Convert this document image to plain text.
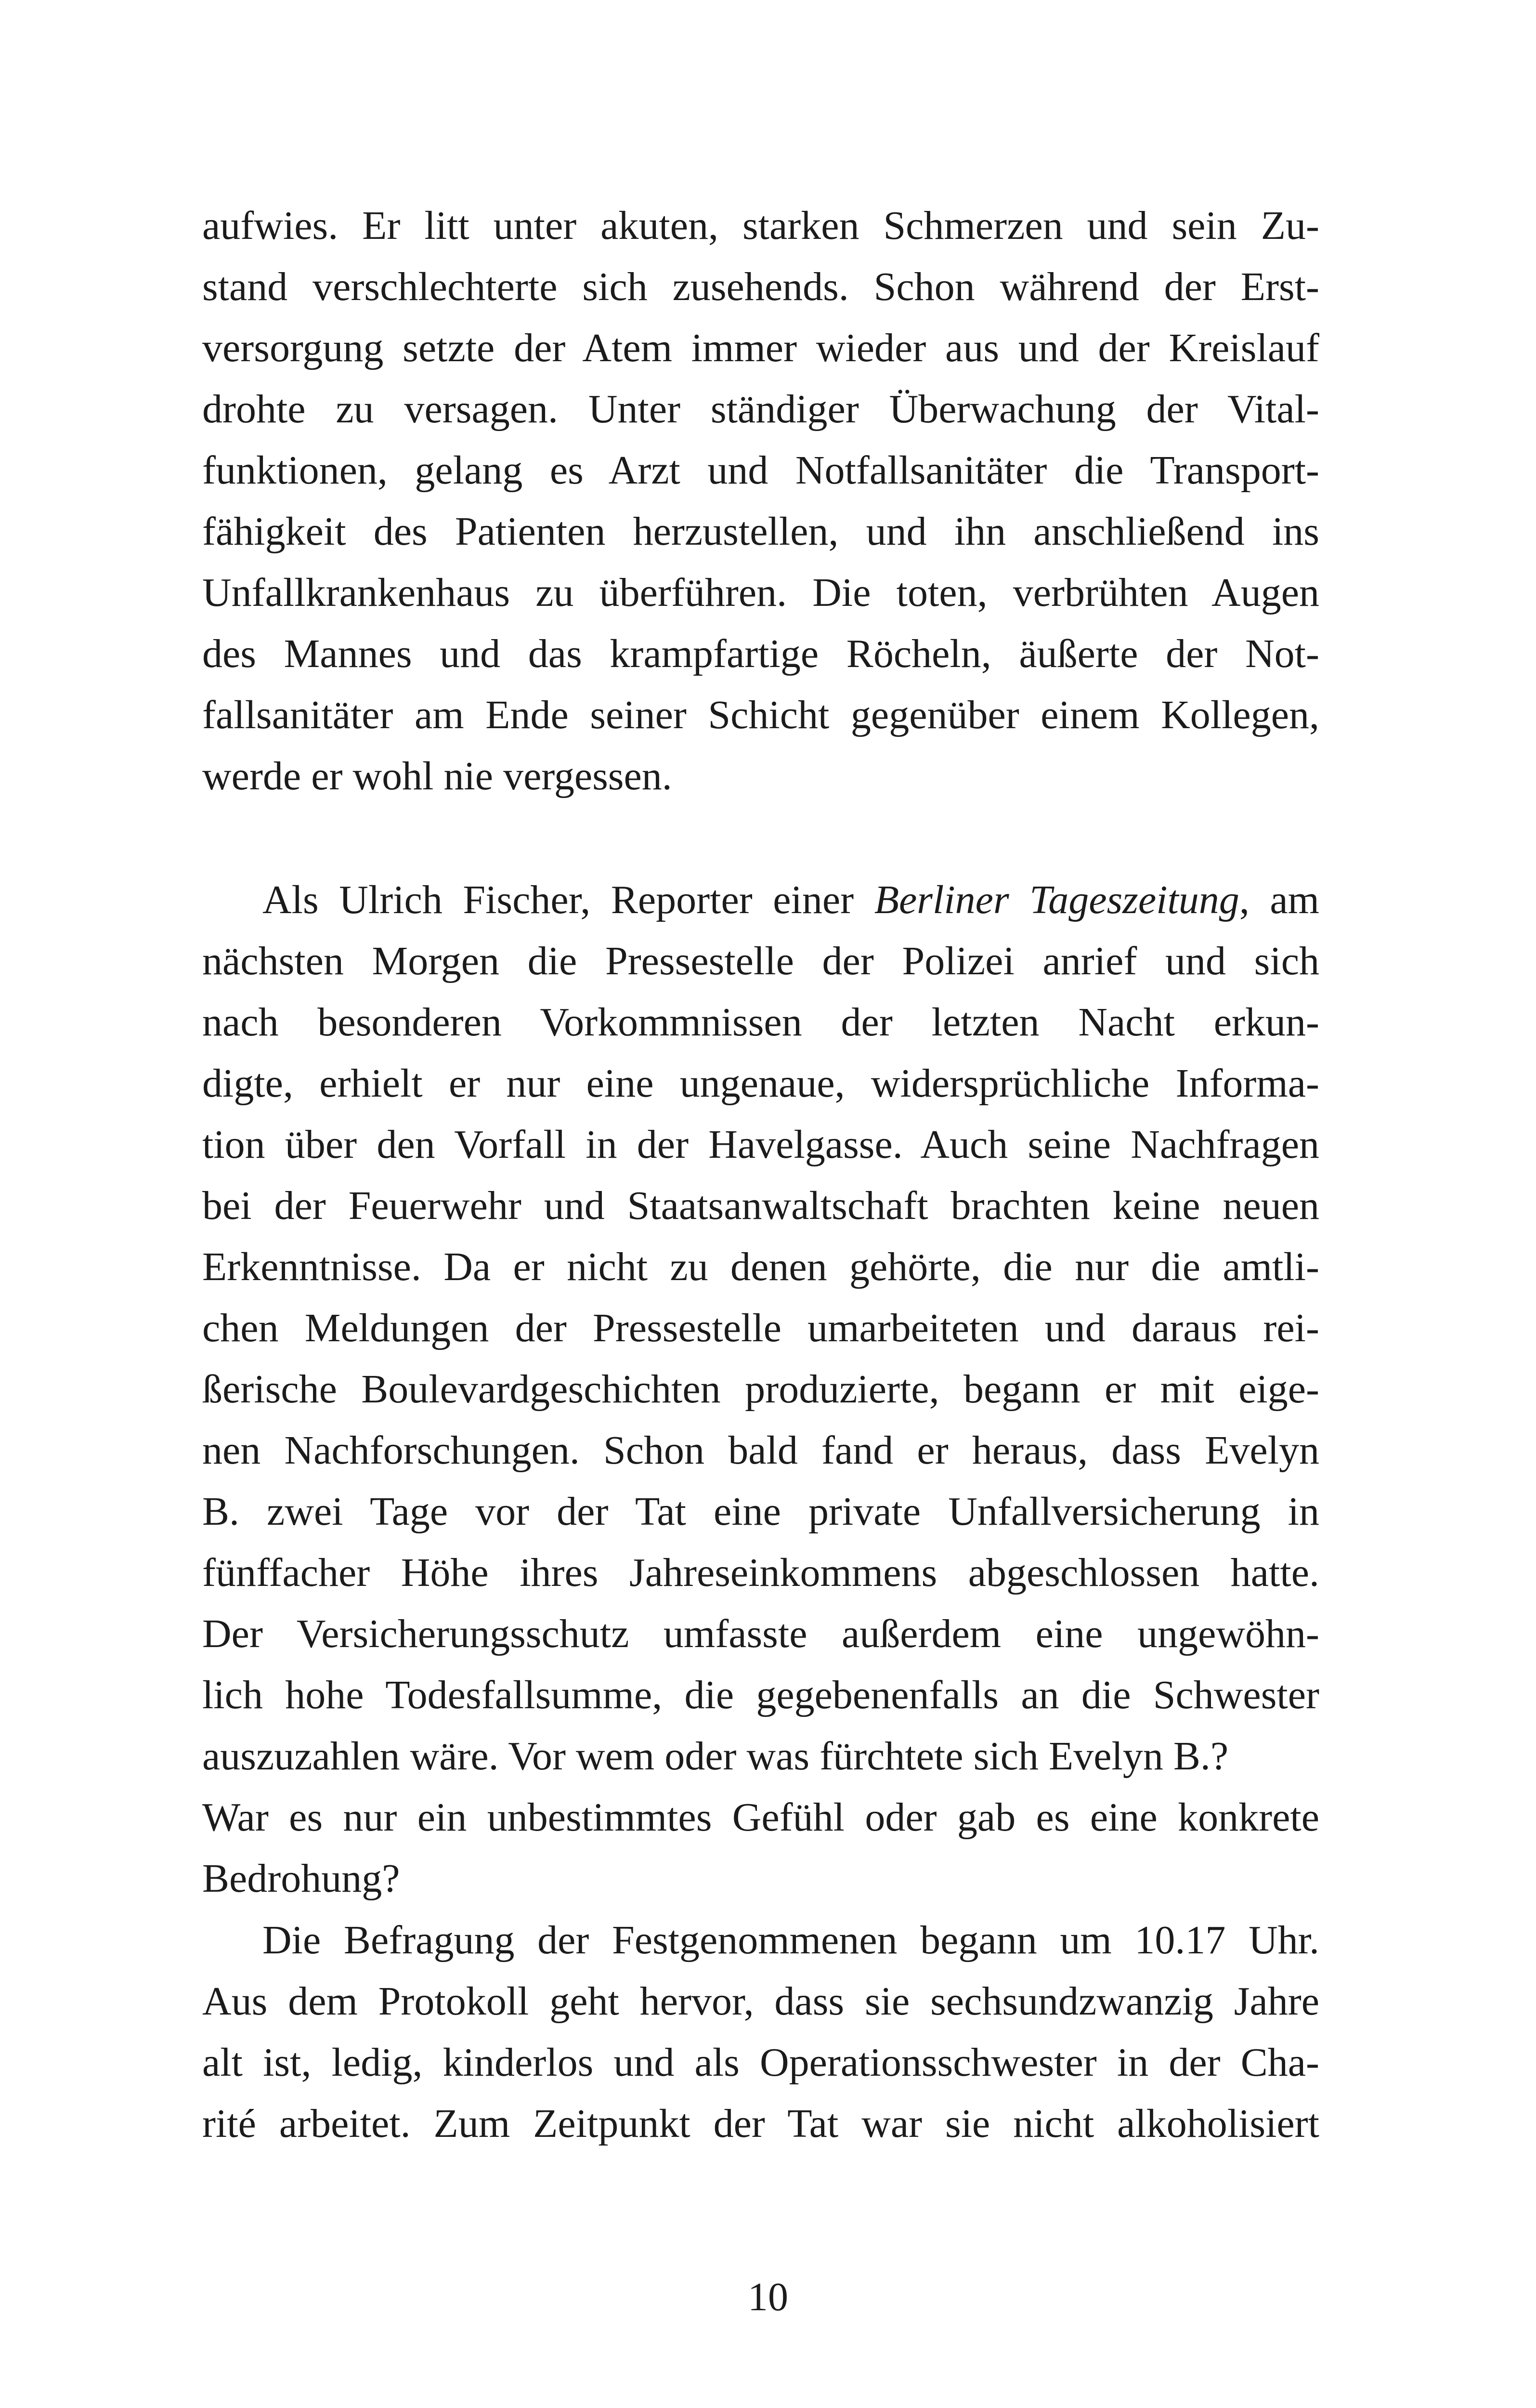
aufwies. Er litt unter akuten, starken Schmerzen und sein Zu-
stand verschlechterte sich zusehends. Schon während der Erst-
versorgung setzte der Atem immer wieder aus und der Kreislauf
drohte zu versagen. Unter ständiger Überwachung der Vital-
funktionen, gelang es Arzt und Notfallsanitäter die Transport-
fähigkeit des Patienten herzustellen, und ihn anschließend ins
Unfallkrankenhaus zu überführen. Die toten, verbrühten Augen
des Mannes und das krampfartige Röcheln, äußerte der Not-
fallsanitäter am Ende seiner Schicht gegenüber einem Kollegen,
werde er wohl nie vergessen.
Als Ulrich Fischer, Reporter einer Berliner Tageszeitung, am
nächsten Morgen die Pressestelle der Polizei anrief und sich
nach besonderen Vorkommnissen der letzten Nacht erkun-
digte, erhielt er nur eine ungenaue, widersprüchliche Informa-
tion über den Vorfall in der Havelgasse. Auch seine Nachfragen
bei der Feuerwehr und Staatsanwaltschaft brachten keine neuen
Erkenntnisse. Da er nicht zu denen gehörte, die nur die amtli-
chen Meldungen der Pressestelle umarbeiteten und daraus rei-
ßerische Boulevardgeschichten produzierte, begann er mit eige-
nen Nachforschungen. Schon bald fand er heraus, dass Evelyn
B. zwei Tage vor der Tat eine private Unfallversicherung in
fünffacher Höhe ihres Jahreseinkommens abgeschlossen hatte.
Der Versicherungsschutz umfasste außerdem eine ungewöhn-
lich hohe Todesfallsumme, die gegebenenfalls an die Schwester
auszuzahlen wäre. Vor wem oder was fürchtete sich Evelyn B.?
War es nur ein unbestimmtes Gefühl oder gab es eine konkrete
Bedrohung?
Die Befragung der Festgenommenen begann um 10.17 Uhr.
Aus dem Protokoll geht hervor, dass sie sechsundzwanzig Jahre
alt ist, ledig, kinderlos und als Operationsschwester in der Cha-
rité arbeitet. Zum Zeitpunkt der Tat war sie nicht alkoholisiert
10
